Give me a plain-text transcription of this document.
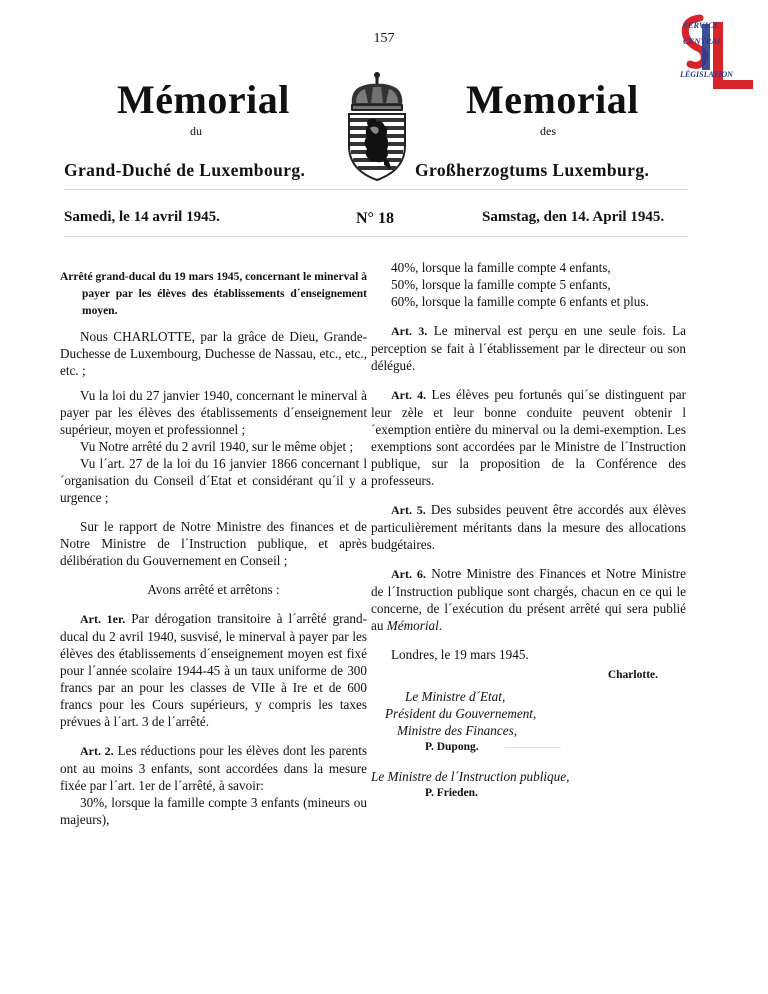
157
Mémorial	Memorial
du	des
Grand-Duché de Luxembourg.	Großherzogtums Luxemburg.
SERVICE
CENTRAL
LÉGISLATION
Samedi, le 14 avril 1945.	N° 18	Samstag, den 14. April 1945.

Arrêté grand-ducal du 19 mars 1945, concernant le minerval à payer par les élèves des établissements d´enseignement moyen.

Nous CHARLOTTE, par la grâce de Dieu, Grande-Duchesse de Luxembourg, Duchesse de Nassau, etc., etc., etc. ;

Vu la loi du 27 janvier 1940, concernant le minerval à payer par les élèves des établissements d´enseignement supérieur, moyen et professionnel ;

Vu Notre arrêté du 2 avril 1940, sur le même objet ;

Vu l´art. 27 de la loi du 16 janvier 1866 concernant l´organisation du Conseil d´Etat et considérant qu´il y a urgence ;

Sur le rapport de Notre Ministre des finances et de Notre Ministre de l´Instruction publique, et après délibération du Gouvernement en Conseil ;

Avons arrêté et arrêtons :

Art. 1er. Par dérogation transitoire à l´arrêté grand-ducal du 2 avril 1940, susvisé, le minerval à payer par les élèves des établissements d´enseignement moyen est fixé pour l´année scolaire 1944-45 à un taux uniforme de 300 francs par an pour les classes de VIIe à Ire et de 600 francs pour les Cours supérieurs, y compris les taxes prévues à l´art. 3 de l´arrêté.

Art. 2. Les réductions pour les élèves dont les parents ont au moins 3 enfants, sont accordées dans la mesure fixée par l´art. 1er de l´arrêté, à savoir:

30%, lorsque la famille compte 3 enfants (mineurs ou majeurs),

40%, lorsque la famille compte 4 enfants,

50%, lorsque la famille compte 5 enfants,

60%, lorsque la famille compte 6 enfants et plus.

Art. 3. Le minerval est perçu en une seule fois. La perception se fait à l´établissement par le directeur ou son délégué.

Art. 4. Les élèves peu fortunés qui´se distinguent par leur zèle et leur bonne conduite peuvent obtenir l´exemption entière du minerval ou la demi-exemption. Les exemptions sont accordées par le Ministre de l´Instruction publique, sur la proposition de la Conférence des professeurs.

Art. 5. Des subsides peuvent être accordés aux élèves particulièrement méritants dans la mesure des allocations budgétaires.

Art. 6. Notre Ministre des Finances et Notre Ministre de l´Instruction publique sont chargés, chacun en ce qui le concerne, de l´exécution du présent arrêté qui sera publié au Mémorial.

Londres, le 19 mars 1945.

Charlotte.

Le Ministre d´Etat,

Président du Gouvernement,

Ministre des Finances,

P. Dupong.

Le Ministre de l´Instruction publique,

P. Frieden.
